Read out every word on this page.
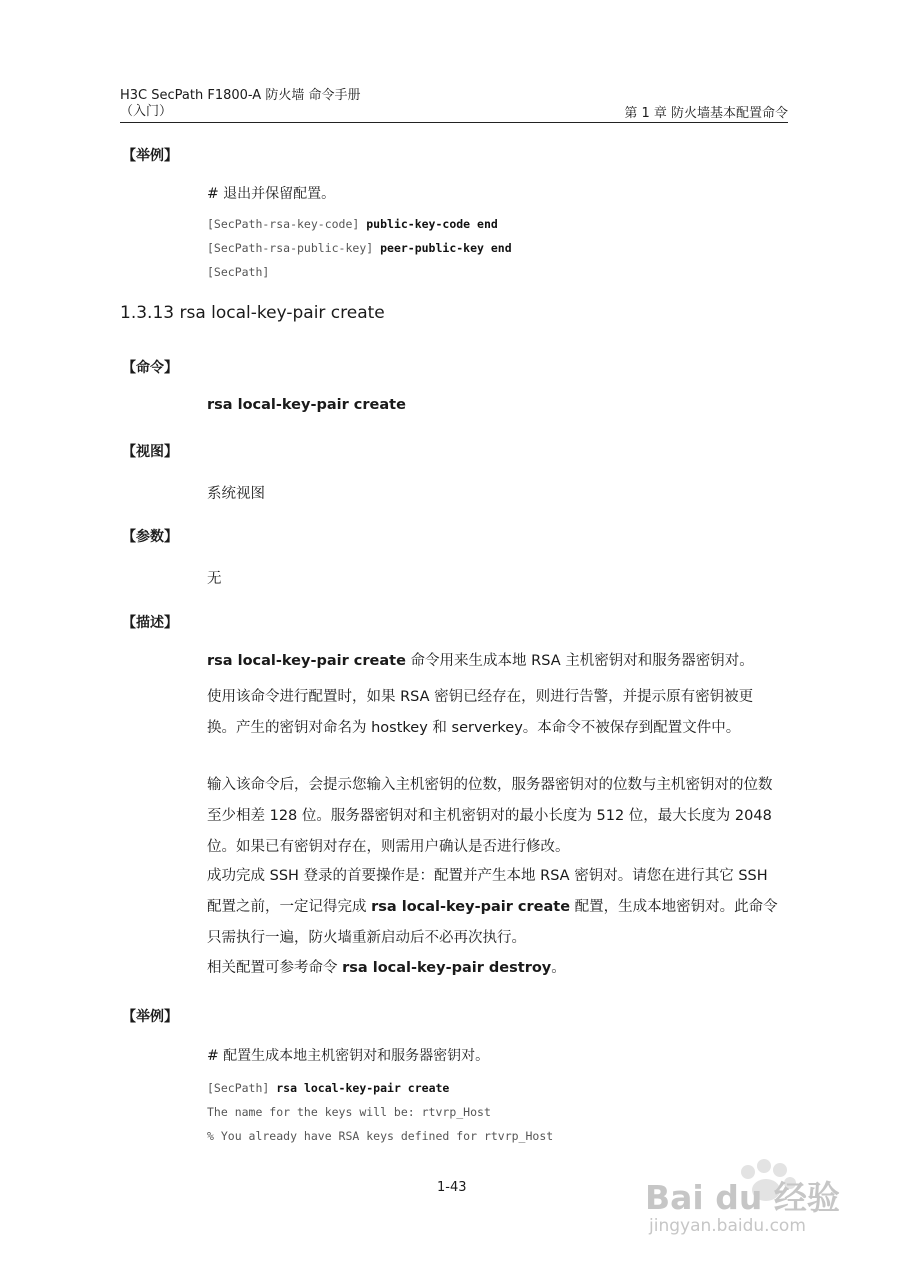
H3C SecPath F1800-A 防火墙 命令手册
（入门）	第 1 章 防火墙基本配置命令
【举例】
# 退出并保留配置。
[SecPath-rsa-key-code] public-key-code end
[SecPath-rsa-public-key] peer-public-key end
[SecPath]
1.3.13 rsa local-key-pair create
【命令】
rsa local-key-pair create
【视图】
系统视图
【参数】
无
【描述】
rsa local-key-pair create 命令用来生成本地 RSA 主机密钥对和服务器密钥对。
使用该命令进行配置时，如果 RSA 密钥已经存在，则进行告警，并提示原有密钥被更换。产生的密钥对命名为 hostkey 和 serverkey。本命令不被保存到配置文件中。
输入该命令后，会提示您输入主机密钥的位数，服务器密钥对的位数与主机密钥对的位数至少相差 128 位。服务器密钥对和主机密钥对的最小长度为 512 位，最大长度为 2048 位。如果已有密钥对存在，则需用户确认是否进行修改。
成功完成 SSH 登录的首要操作是：配置并产生本地 RSA 密钥对。请您在进行其它 SSH 配置之前，一定记得完成 rsa local-key-pair create 配置，生成本地密钥对。此命令只需执行一遍，防火墙重新启动后不必再次执行。
相关配置可参考命令 rsa local-key-pair destroy。
【举例】
# 配置生成本地主机密钥对和服务器密钥对。
[SecPath] rsa local-key-pair create
The name for the keys will be: rtvrp_Host
% You already have RSA keys defined for rtvrp_Host
1-43	Bai du 经验
jingyan.baidu.com
